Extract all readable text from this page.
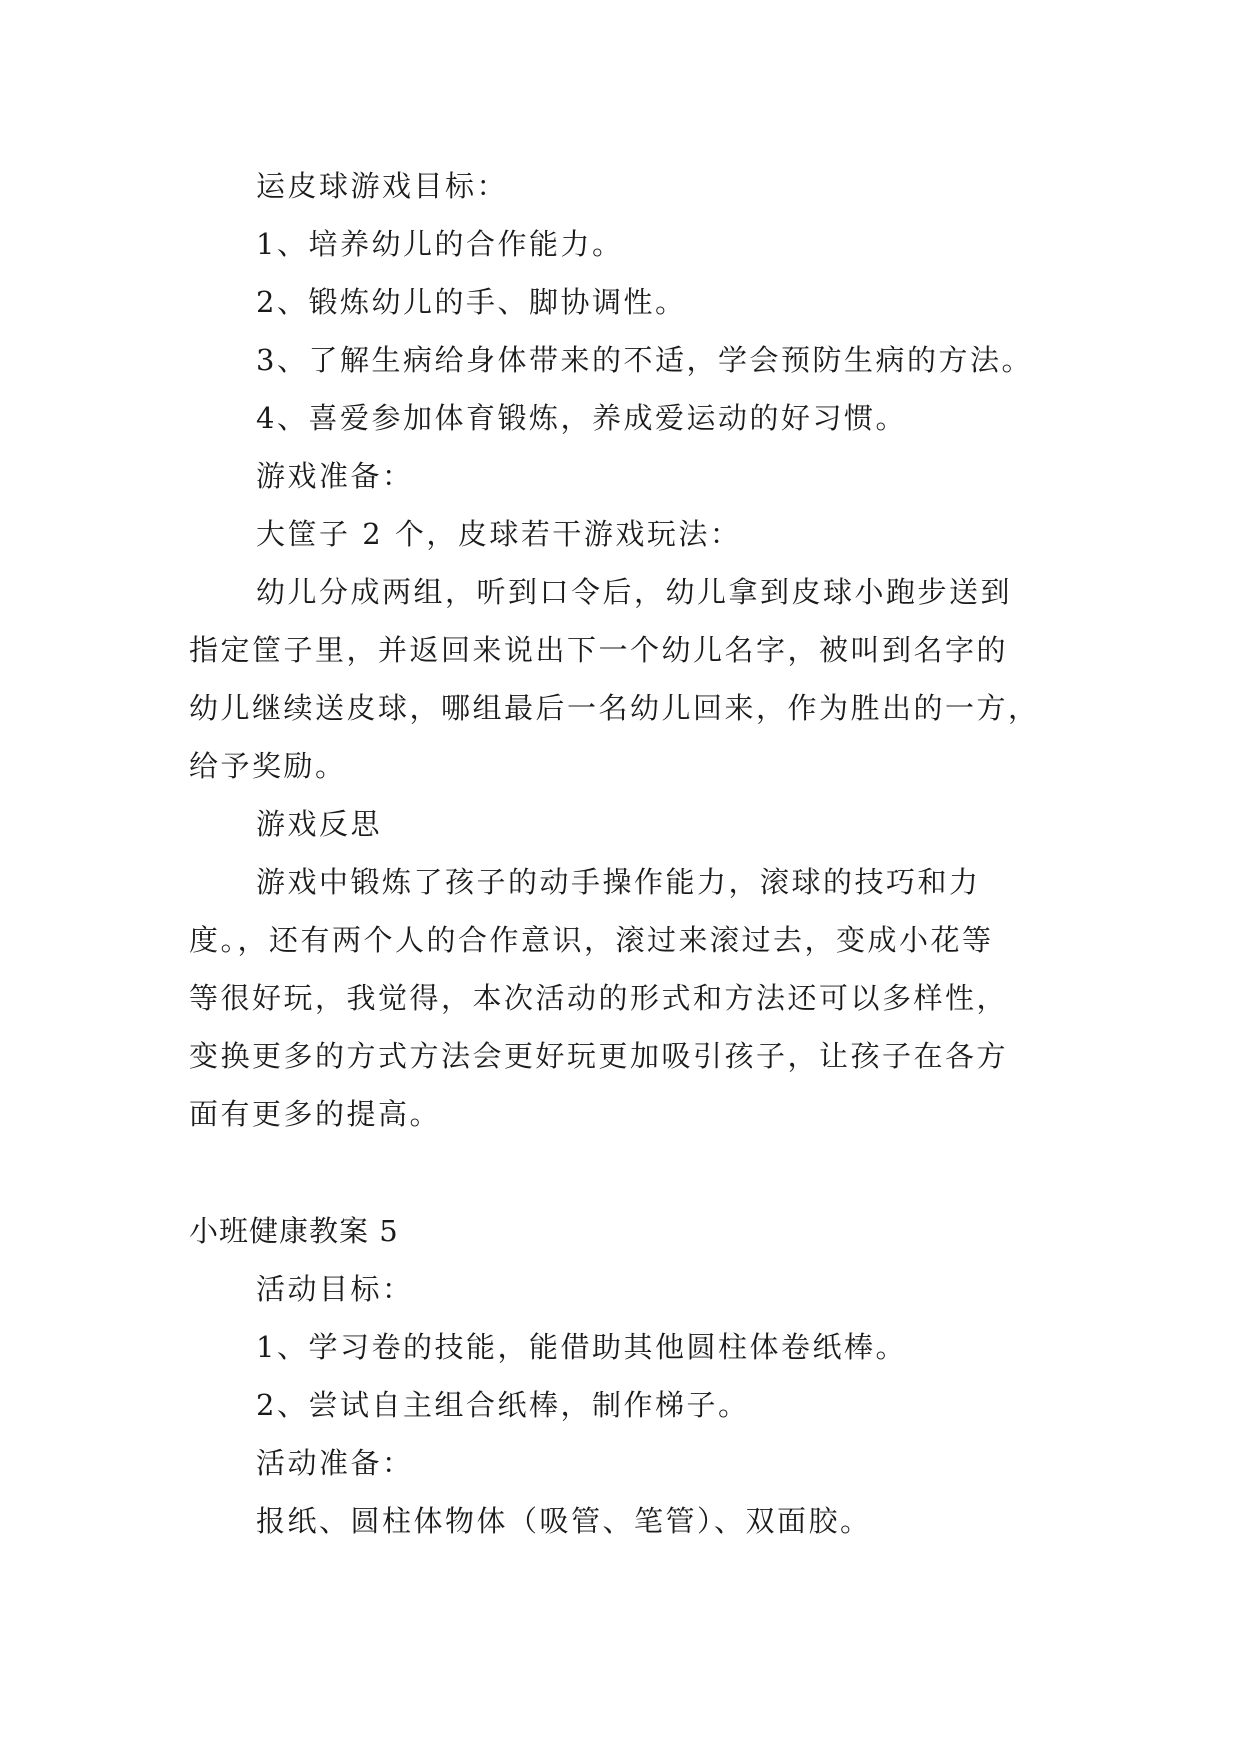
运皮球游戏目标：
1、培养幼儿的合作能力。
2、锻炼幼儿的手、脚协调性。
3、了解生病给身体带来的不适，学会预防生病的方法。
4、喜爱参加体育锻炼，养成爱运动的好习惯。
游戏准备：
大筐子 2 个，皮球若干游戏玩法：
幼儿分成两组，听到口令后，幼儿拿到皮球小跑步送到
指定筐子里，并返回来说出下一个幼儿名字，被叫到名字的
幼儿继续送皮球，哪组最后一名幼儿回来，作为胜出的一方，
给予奖励。
游戏反思
游戏中锻炼了孩子的动手操作能力，滚球的技巧和力
度。，还有两个人的合作意识，滚过来滚过去，变成小花等
等很好玩，我觉得，本次活动的形式和方法还可以多样性，
变换更多的方式方法会更好玩更加吸引孩子，让孩子在各方
面有更多的提高。
小班健康教案 5
活动目标：
1、学习卷的技能，能借助其他圆柱体卷纸棒。
2、尝试自主组合纸棒，制作梯子。
活动准备：
报纸、圆柱体物体（吸管、笔管）、双面胶。
